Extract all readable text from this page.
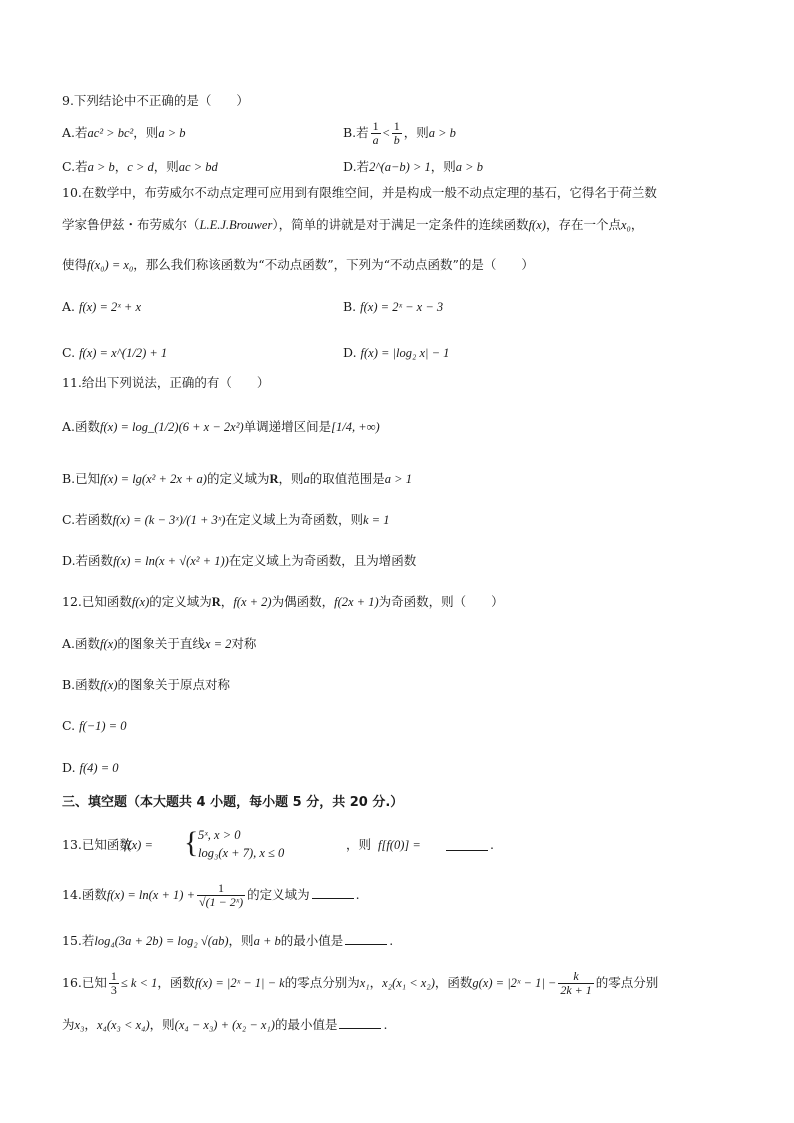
9.下列结论中不正确的是（　　）
A.若ac² > bc²，则a > b	B.若 $\frac{1}{a} < \frac{1}{b}$ ，则a > b
C.若a > b，c > d，则ac > bd	D.若2^(a−b) > 1，则a > b
10.在数学中，布劳威尔不动点定理可应用到有限维空间，并是构成一般不动点定理的基石，它得名于荷兰数
学家鲁伊兹・布劳威尔（L.E.J.Brouwer），简单的讲就是对于满足一定条件的连续函数f(x)，存在一个点x₀，
使得f(x₀) = x₀，那么我们称该函数为“不动点函数”，下列为“不动点函数”的是（　　）
A. f(x) = 2ˣ + x	B. f(x) = 2ˣ − x − 3
C. f(x) = x^(1/2) + 1	D. f(x) = |log₂ x| − 1
11.给出下列说法，正确的有（　　）
A.函数f(x) = log_(1/2)(6 + x − 2x²)单调递增区间是[1/4, +∞)
B.已知f(x) = lg(x² + 2x + a)的定义域为R，则a的取值范围是a > 1
C.若函数f(x) = (k − 3ˣ)/(1 + 3ˣ)在定义域上为奇函数，则k = 1
D.若函数f(x) = ln(x + √(x² + 1))在定义域上为奇函数，且为增函数
12.已知函数f(x)的定义域为R，f(x + 2)为偶函数，f(2x + 1)为奇函数，则（　　）
A.函数f(x)的图象关于直线x = 2对称
B.函数f(x)的图象关于原点对称
C. f(−1) = 0
D. f(4) = 0
三、填空题（本大题共 4 小题，每小题 5 分，共 20 分.）
13.已知函数
f(x) = { 5ˣ, x > 0
log₃(x + 7), x ≤ 0
，则 f[f(0)] =	.
14.函数$f(x) = \ln(x + 1) + \frac{1}{\text{√(1 − 2ˣ)}}$ 的定义域为	.
15.若log₄(3a + 2b) = log₂ √(ab)，则a + b的最小值是	.
16.已知 $\frac{1}{3} \le k < 1$，函数f(x) = |2ˣ − 1| − k的零点分别为x₁，x₂(x₁ < x₂)，函数g(x) = |2ˣ − $1| - \frac{k}{2k + 1}$ 的零点分别
为x₃，x₄(x₃ < x₄)，则(x₄ − x₃) + (x₂ − x₁)的最小值是	.
